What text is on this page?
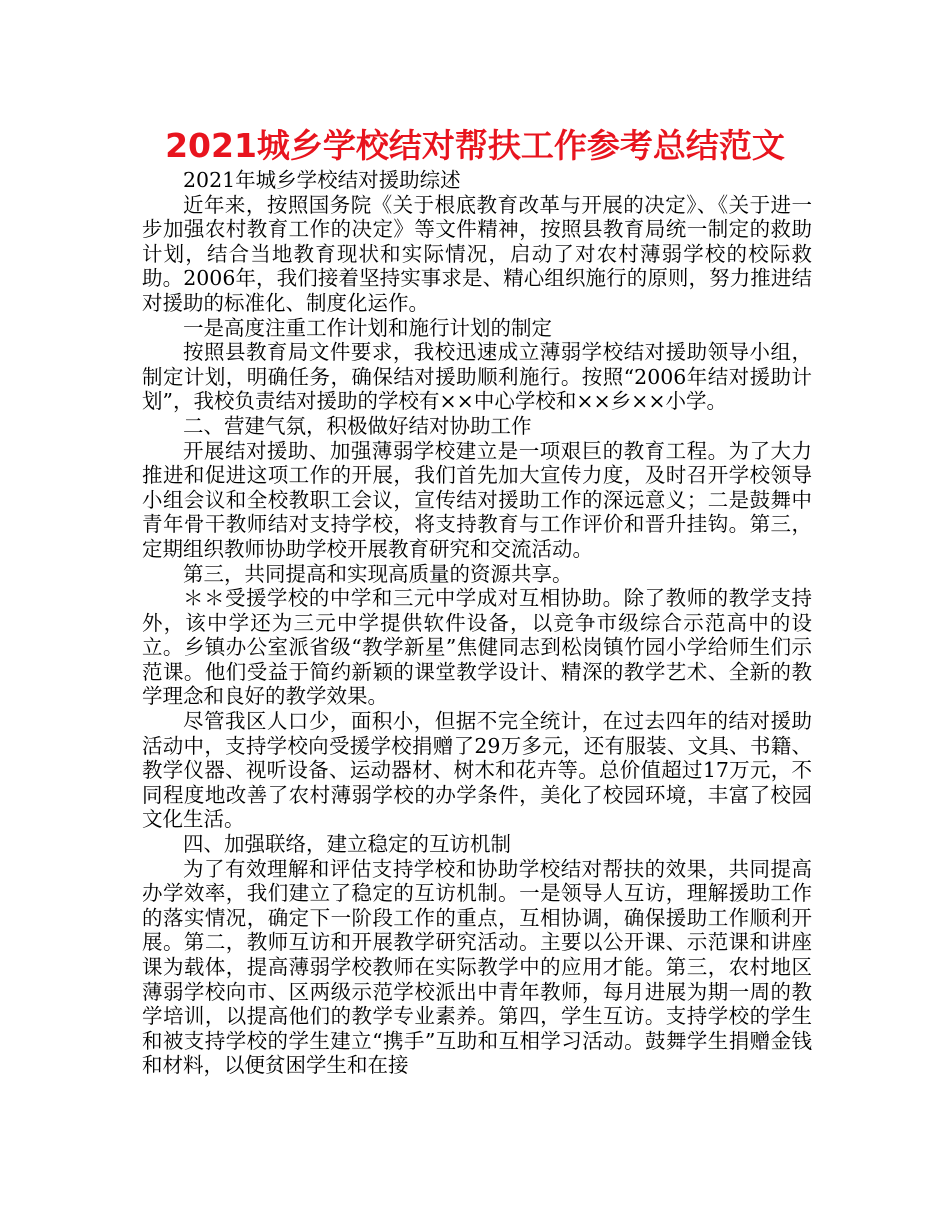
2021城乡学校结对帮扶工作参考总结范文

2021年城乡学校结对援助综述

近年来，按照国务院《关于根底教育改革与开展的决定》、《关于进一步加强农村教育工作的决定》等文件精神，按照县教育局统一制定的救助计划，结合当地教育现状和实际情况，启动了对农村薄弱学校的校际救助。2006年，我们接着坚持实事求是、精心组织施行的原则，努力推进结对援助的标准化、制度化运作。

一是高度注重工作计划和施行计划的制定

按照县教育局文件要求，我校迅速成立薄弱学校结对援助领导小组，制定计划，明确任务，确保结对援助顺利施行。按照“2006年结对援助计划”，我校负责结对援助的学校有××中心学校和××乡××小学。

二、营建气氛，积极做好结对协助工作

开展结对援助、加强薄弱学校建立是一项艰巨的教育工程。为了大力推进和促进这项工作的开展，我们首先加大宣传力度，及时召开学校领导小组会议和全校教职工会议，宣传结对援助工作的深远意义；二是鼓舞中青年骨干教师结对支持学校，将支持教育与工作评价和晋升挂钩。第三，定期组织教师协助学校开展教育研究和交流活动。

第三，共同提高和实现高质量的资源共享。

＊＊受援学校的中学和三元中学成对互相协助。除了教师的教学支持外，该中学还为三元中学提供软件设备，以竞争市级综合示范高中的设立。乡镇办公室派省级“教学新星”焦健同志到松岗镇竹园小学给师生们示范课。他们受益于简约新颖的课堂教学设计、精深的教学艺术、全新的教学理念和良好的教学效果。

尽管我区人口少，面积小，但据不完全统计，在过去四年的结对援助活动中，支持学校向受援学校捐赠了29万多元，还有服装、文具、书籍、教学仪器、视听设备、运动器材、树木和花卉等。总价值超过17万元，不同程度地改善了农村薄弱学校的办学条件，美化了校园环境，丰富了校园文化生活。

四、加强联络，建立稳定的互访机制

为了有效理解和评估支持学校和协助学校结对帮扶的效果，共同提高办学效率，我们建立了稳定的互访机制。一是领导人互访，理解援助工作的落实情况，确定下一阶段工作的重点，互相协调，确保援助工作顺利开展。第二，教师互访和开展教学研究活动。主要以公开课、示范课和讲座课为载体，提高薄弱学校教师在实际教学中的应用才能。第三，农村地区薄弱学校向市、区两级示范学校派出中青年教师，每月进展为期一周的教学培训，以提高他们的教学专业素养。第四，学生互访。支持学校的学生和被支持学校的学生建立“携手”互助和互相学习活动。鼓舞学生捐赠金钱和材料，以便贫困学生和在接
